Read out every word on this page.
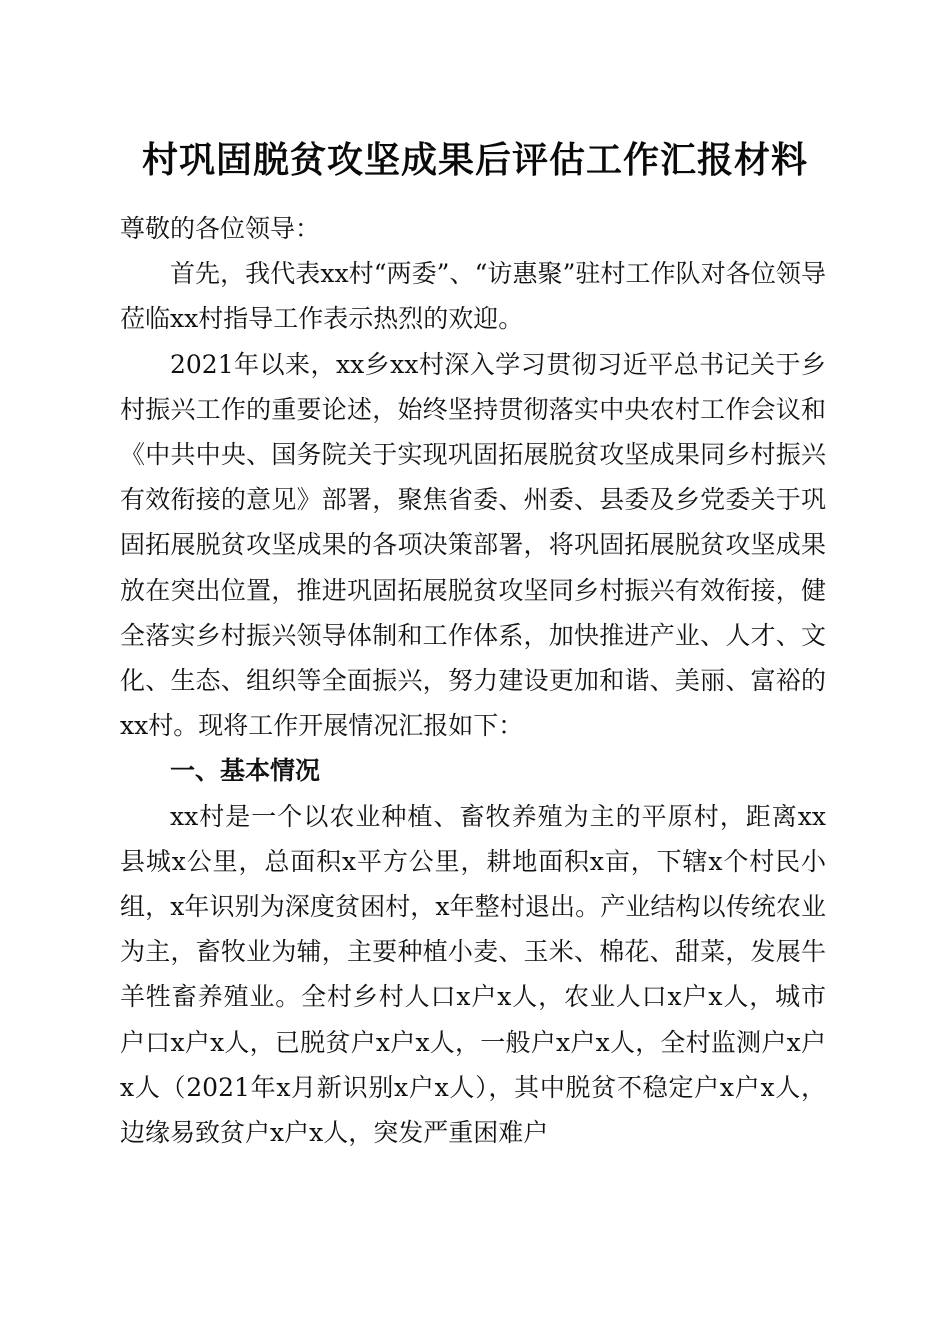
村巩固脱贫攻坚成果后评估工作汇报材料

尊敬的各位领导：

首先，我代表xx村“两委”、“访惠聚”驻村工作队对各位领导莅临xx村指导工作表示热烈的欢迎。

2021年以来，xx乡xx村深入学习贯彻习近平总书记关于乡村振兴工作的重要论述，始终坚持贯彻落实中央农村工作会议和《中共中央、国务院关于实现巩固拓展脱贫攻坚成果同乡村振兴有效衔接的意见》部署，聚焦省委、州委、县委及乡党委关于巩固拓展脱贫攻坚成果的各项决策部署，将巩固拓展脱贫攻坚成果放在突出位置，推进巩固拓展脱贫攻坚同乡村振兴有效衔接，健全落实乡村振兴领导体制和工作体系，加快推进产业、人才、文化、生态、组织等全面振兴，努力建设更加和谐、美丽、富裕的xx村。现将工作开展情况汇报如下：

一、基本情况

xx村是一个以农业种植、畜牧养殖为主的平原村，距离xx县城x公里，总面积x平方公里，耕地面积x亩，下辖x个村民小组，x年识别为深度贫困村，x年整村退出。产业结构以传统农业为主，畜牧业为辅，主要种植小麦、玉米、棉花、甜菜，发展牛羊牲畜养殖业。全村乡村人口x户x人，农业人口x户x人，城市户口x户x人，已脱贫户x户x人，一般户x户x人，全村监测户x户x人（2021年x月新识别x户x人），其中脱贫不稳定户x户x人，边缘易致贫户x户x人，突发严重困难户
